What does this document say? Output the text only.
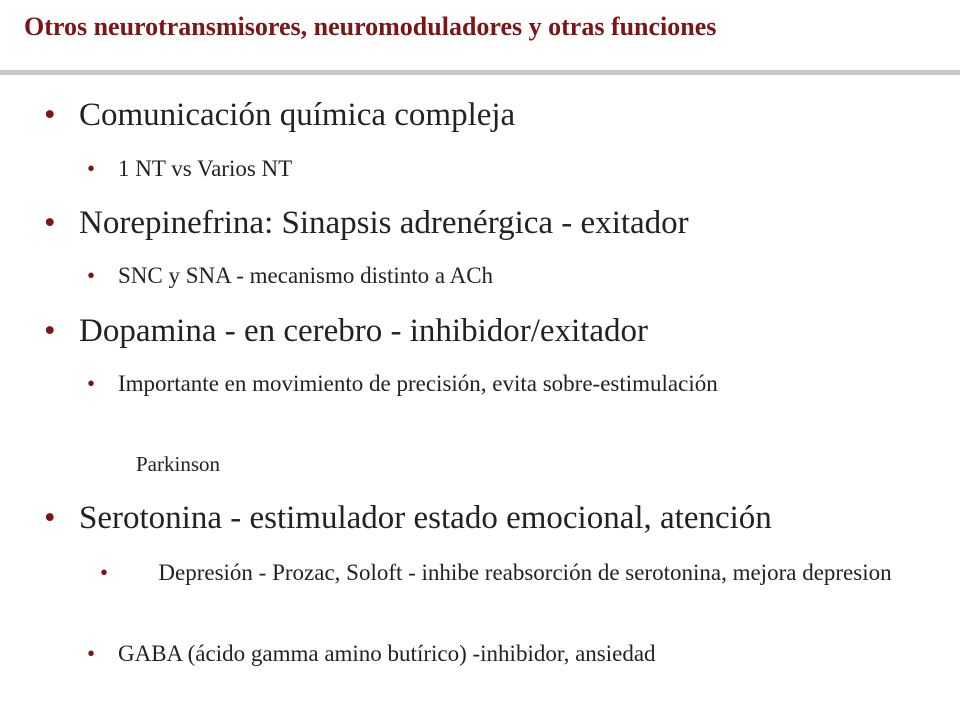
Otros neurotransmisores, neuromoduladores y otras funciones
• Comunicación química compleja
• 1 NT vs Varios NT
• Norepinefrina: Sinapsis adrenérgica - exitador
• SNC y SNA - mecanismo distinto a ACh
• Dopamina - en cerebro - inhibidor/exitador
• Importante en movimiento de precisión, evita sobre-estimulación
Parkinson
• Serotonina - estimulador estado emocional, atención
•	Depresión - Prozac, Soloft - inhibe reabsorción de serotonina, mejora depresion
• GABA (ácido gamma amino butírico) -inhibidor, ansiedad
